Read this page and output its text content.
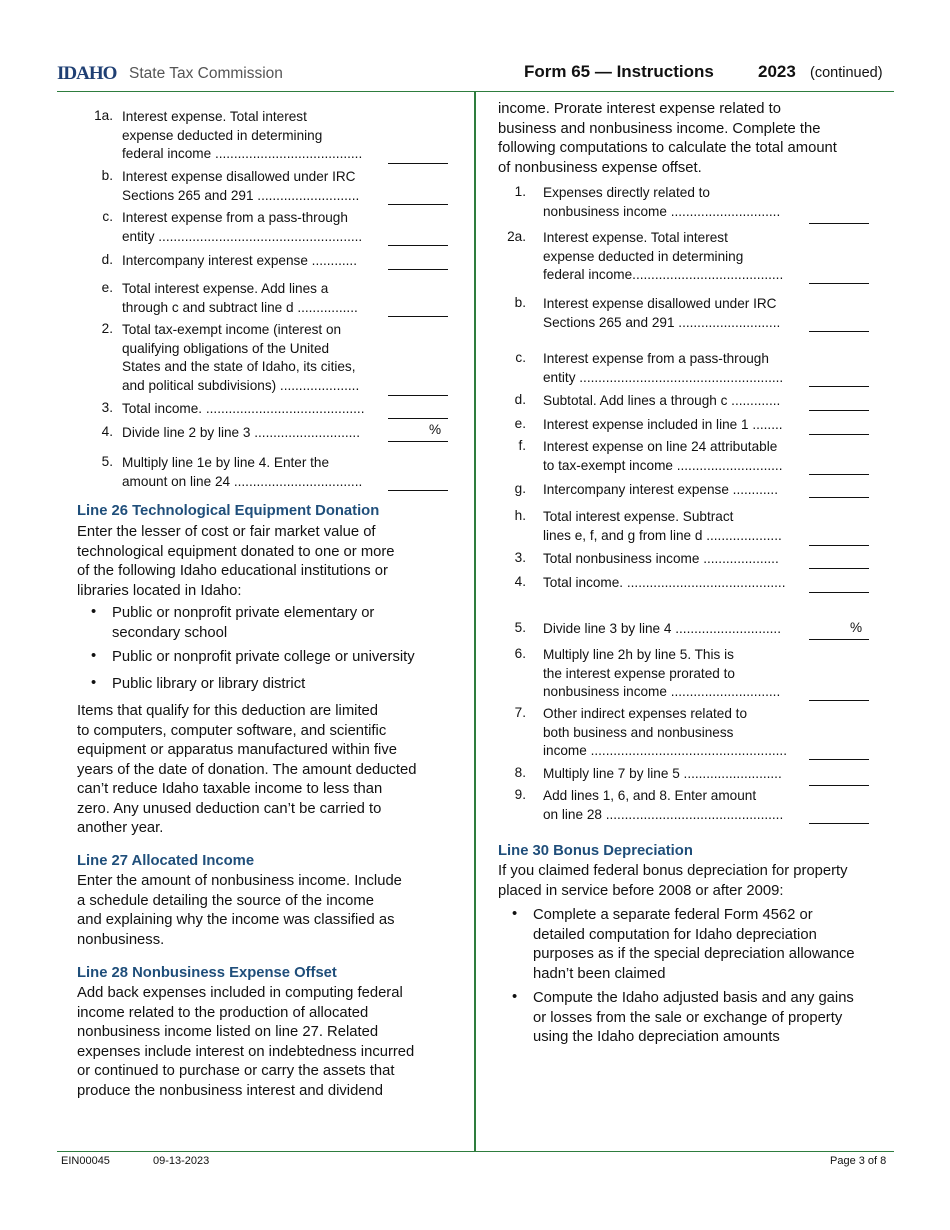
IDAHO State Tax Commission	Form 65 — Instructions	2023 (continued)
1a. Interest expense. Total interest
expense deducted in determining
federal income .......................................
b. Interest expense disallowed under IRC
Sections 265 and 291 ...........................
c. Interest expense from a pass-through
entity ......................................................
d. Intercompany interest expense ............
e. Total interest expense. Add lines a
through c and subtract line d ................
2. Total tax-exempt income (interest on
qualifying obligations of the United
States and the state of Idaho, its cities,
and political subdivisions) .....................
3. Total income. ..........................................
4. Divide line 2 by line 3 ............................	%
5. Multiply line 1e by line 4. Enter the
amount on line 24 ..................................
1. Expenses directly related to
nonbusiness income .............................
2a. Interest expense. Total interest
expense deducted in determining
federal income........................................
b. Interest expense disallowed under IRC
Sections 265 and 291 ...........................
c. Interest expense from a pass-through
entity ......................................................
d. Subtotal. Add lines a through c .............
e. Interest expense included in line 1 ........
f. Interest expense on line 24 attributable
to tax-exempt income ............................
g. Intercompany interest expense ............
h. Total interest expense. Subtract
lines e, f, and g from line d ....................
3. Total nonbusiness income ....................
4. Total income. ..........................................
5. Divide line 3 by line 4 ............................	%
6. Multiply line 2h by line 5. This is
the interest expense prorated to
nonbusiness income .............................
7. Other indirect expenses related to
both business and nonbusiness
income ....................................................
8. Multiply line 7 by line 5 ..........................
9. Add lines 1, 6, and 8. Enter amount
on line 28 ...............................................
Line 26 Technological Equipment Donation
Enter the lesser of cost or fair market value of
technological equipment donated to one or more
of the following Idaho educational institutions or
libraries located in Idaho:
• Public or nonprofit private elementary or
secondary school
• Public or nonprofit private college or university
• Public library or library district
Items that qualify for this deduction are limited
to computers, computer software, and scientific
equipment or apparatus manufactured within five
years of the date of donation. The amount deducted
can’t reduce Idaho taxable income to less than
zero. Any unused deduction can’t be carried to
another year.
Line 27 Allocated Income
Enter the amount of nonbusiness income. Include
a schedule detailing the source of the income
and explaining why the income was classified as
nonbusiness.
Line 28 Nonbusiness Expense Offset
Add back expenses included in computing federal
income related to the production of allocated
nonbusiness income listed on line 27. Related
expenses include interest on indebtedness incurred
or continued to purchase or carry the assets that
produce the nonbusiness interest and dividend
income. Prorate interest expense related to
business and nonbusiness income. Complete the
following computations to calculate the total amount
of nonbusiness expense offset.
Line 30 Bonus Depreciation
If you claimed federal bonus depreciation for property
placed in service before 2008 or after 2009:
• Complete a separate federal Form 4562 or
detailed computation for Idaho depreciation
purposes as if the special depreciation allowance
hadn’t been claimed
• Compute the Idaho adjusted basis and any gains
or losses from the sale or exchange of property
using the Idaho depreciation amounts
EIN00045	09-13-2023	Page 3 of 8
